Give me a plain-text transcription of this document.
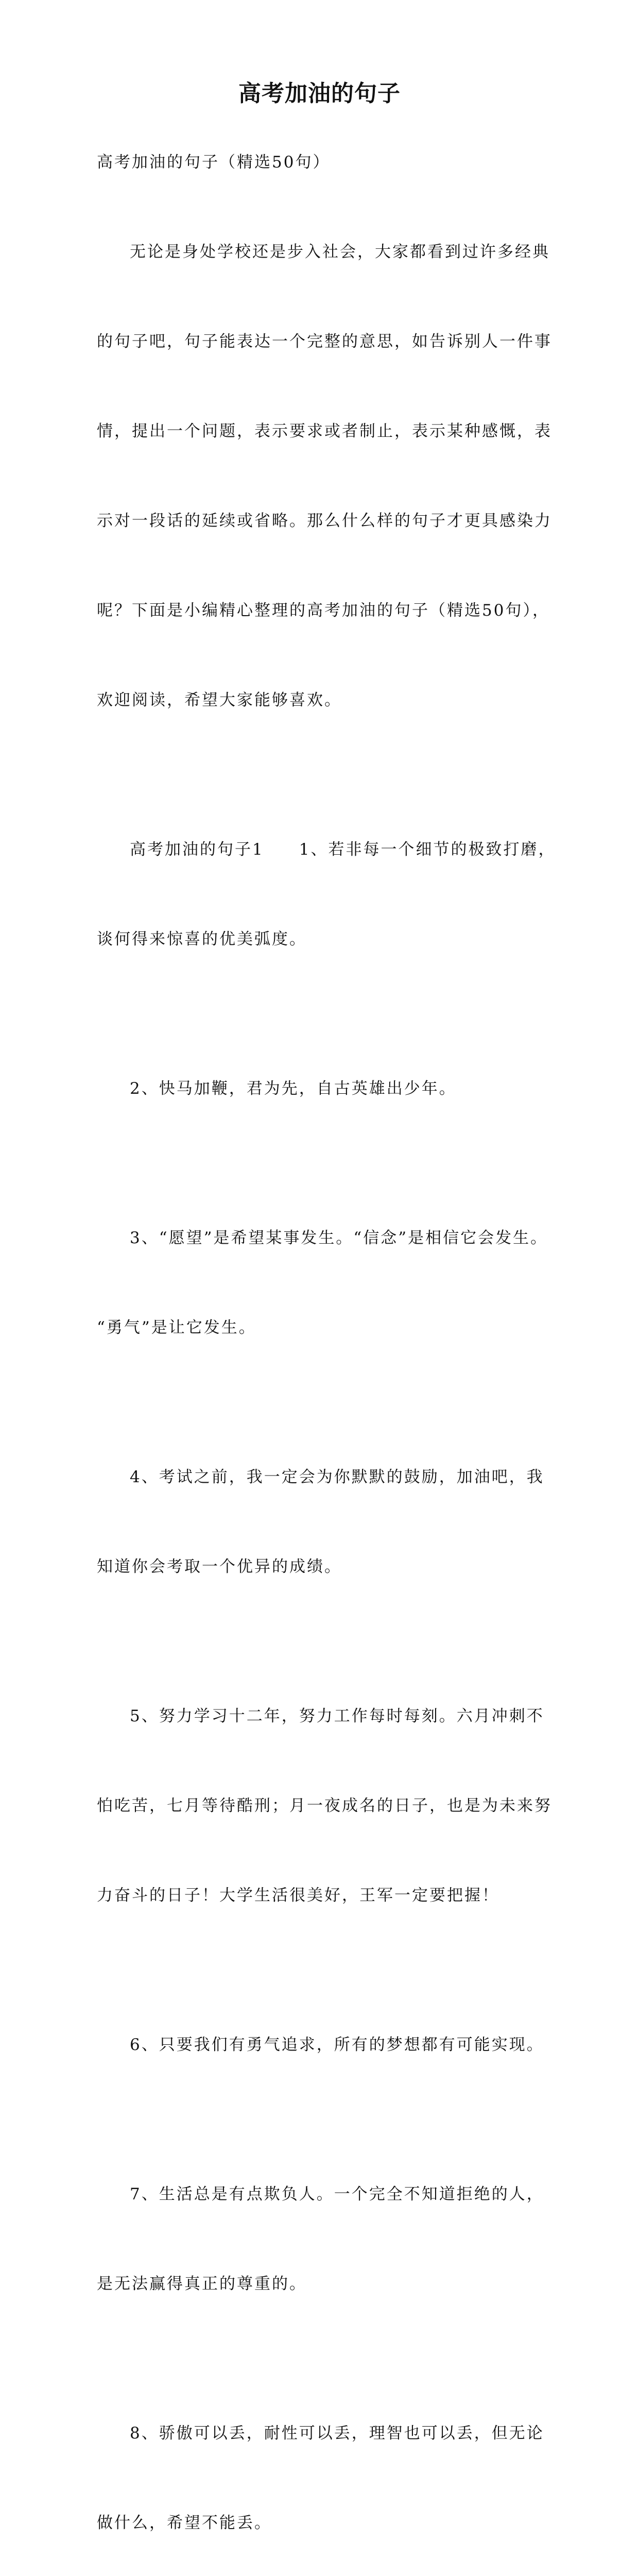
高考加油的句子

高考加油的句子（精选50句）

无论是身处学校还是步入社会，大家都看到过许多经典

的句子吧，句子能表达一个完整的意思，如告诉别人一件事

情，提出一个问题，表示要求或者制止，表示某种感慨，表

示对一段话的延续或省略。那么什么样的句子才更具感染力

呢？下面是小编精心整理的高考加油的句子（精选50句），

欢迎阅读，希望大家能够喜欢。

高考加油的句子1　　1、若非每一个细节的极致打磨，

谈何得来惊喜的优美弧度。

2、快马加鞭，君为先，自古英雄出少年。

3、“愿望”是希望某事发生。“信念”是相信它会发生。

“勇气”是让它发生。

4、考试之前，我一定会为你默默的鼓励，加油吧，我

知道你会考取一个优异的成绩。

5、努力学习十二年，努力工作每时每刻。六月冲刺不

怕吃苦，七月等待酷刑；月一夜成名的日子，也是为未来努

力奋斗的日子！大学生活很美好，王军一定要把握！

6、只要我们有勇气追求，所有的梦想都有可能实现。

7、生活总是有点欺负人。一个完全不知道拒绝的人，

是无法赢得真正的尊重的。

8、骄傲可以丢，耐性可以丢，理智也可以丢，但无论

做什么，希望不能丢。
